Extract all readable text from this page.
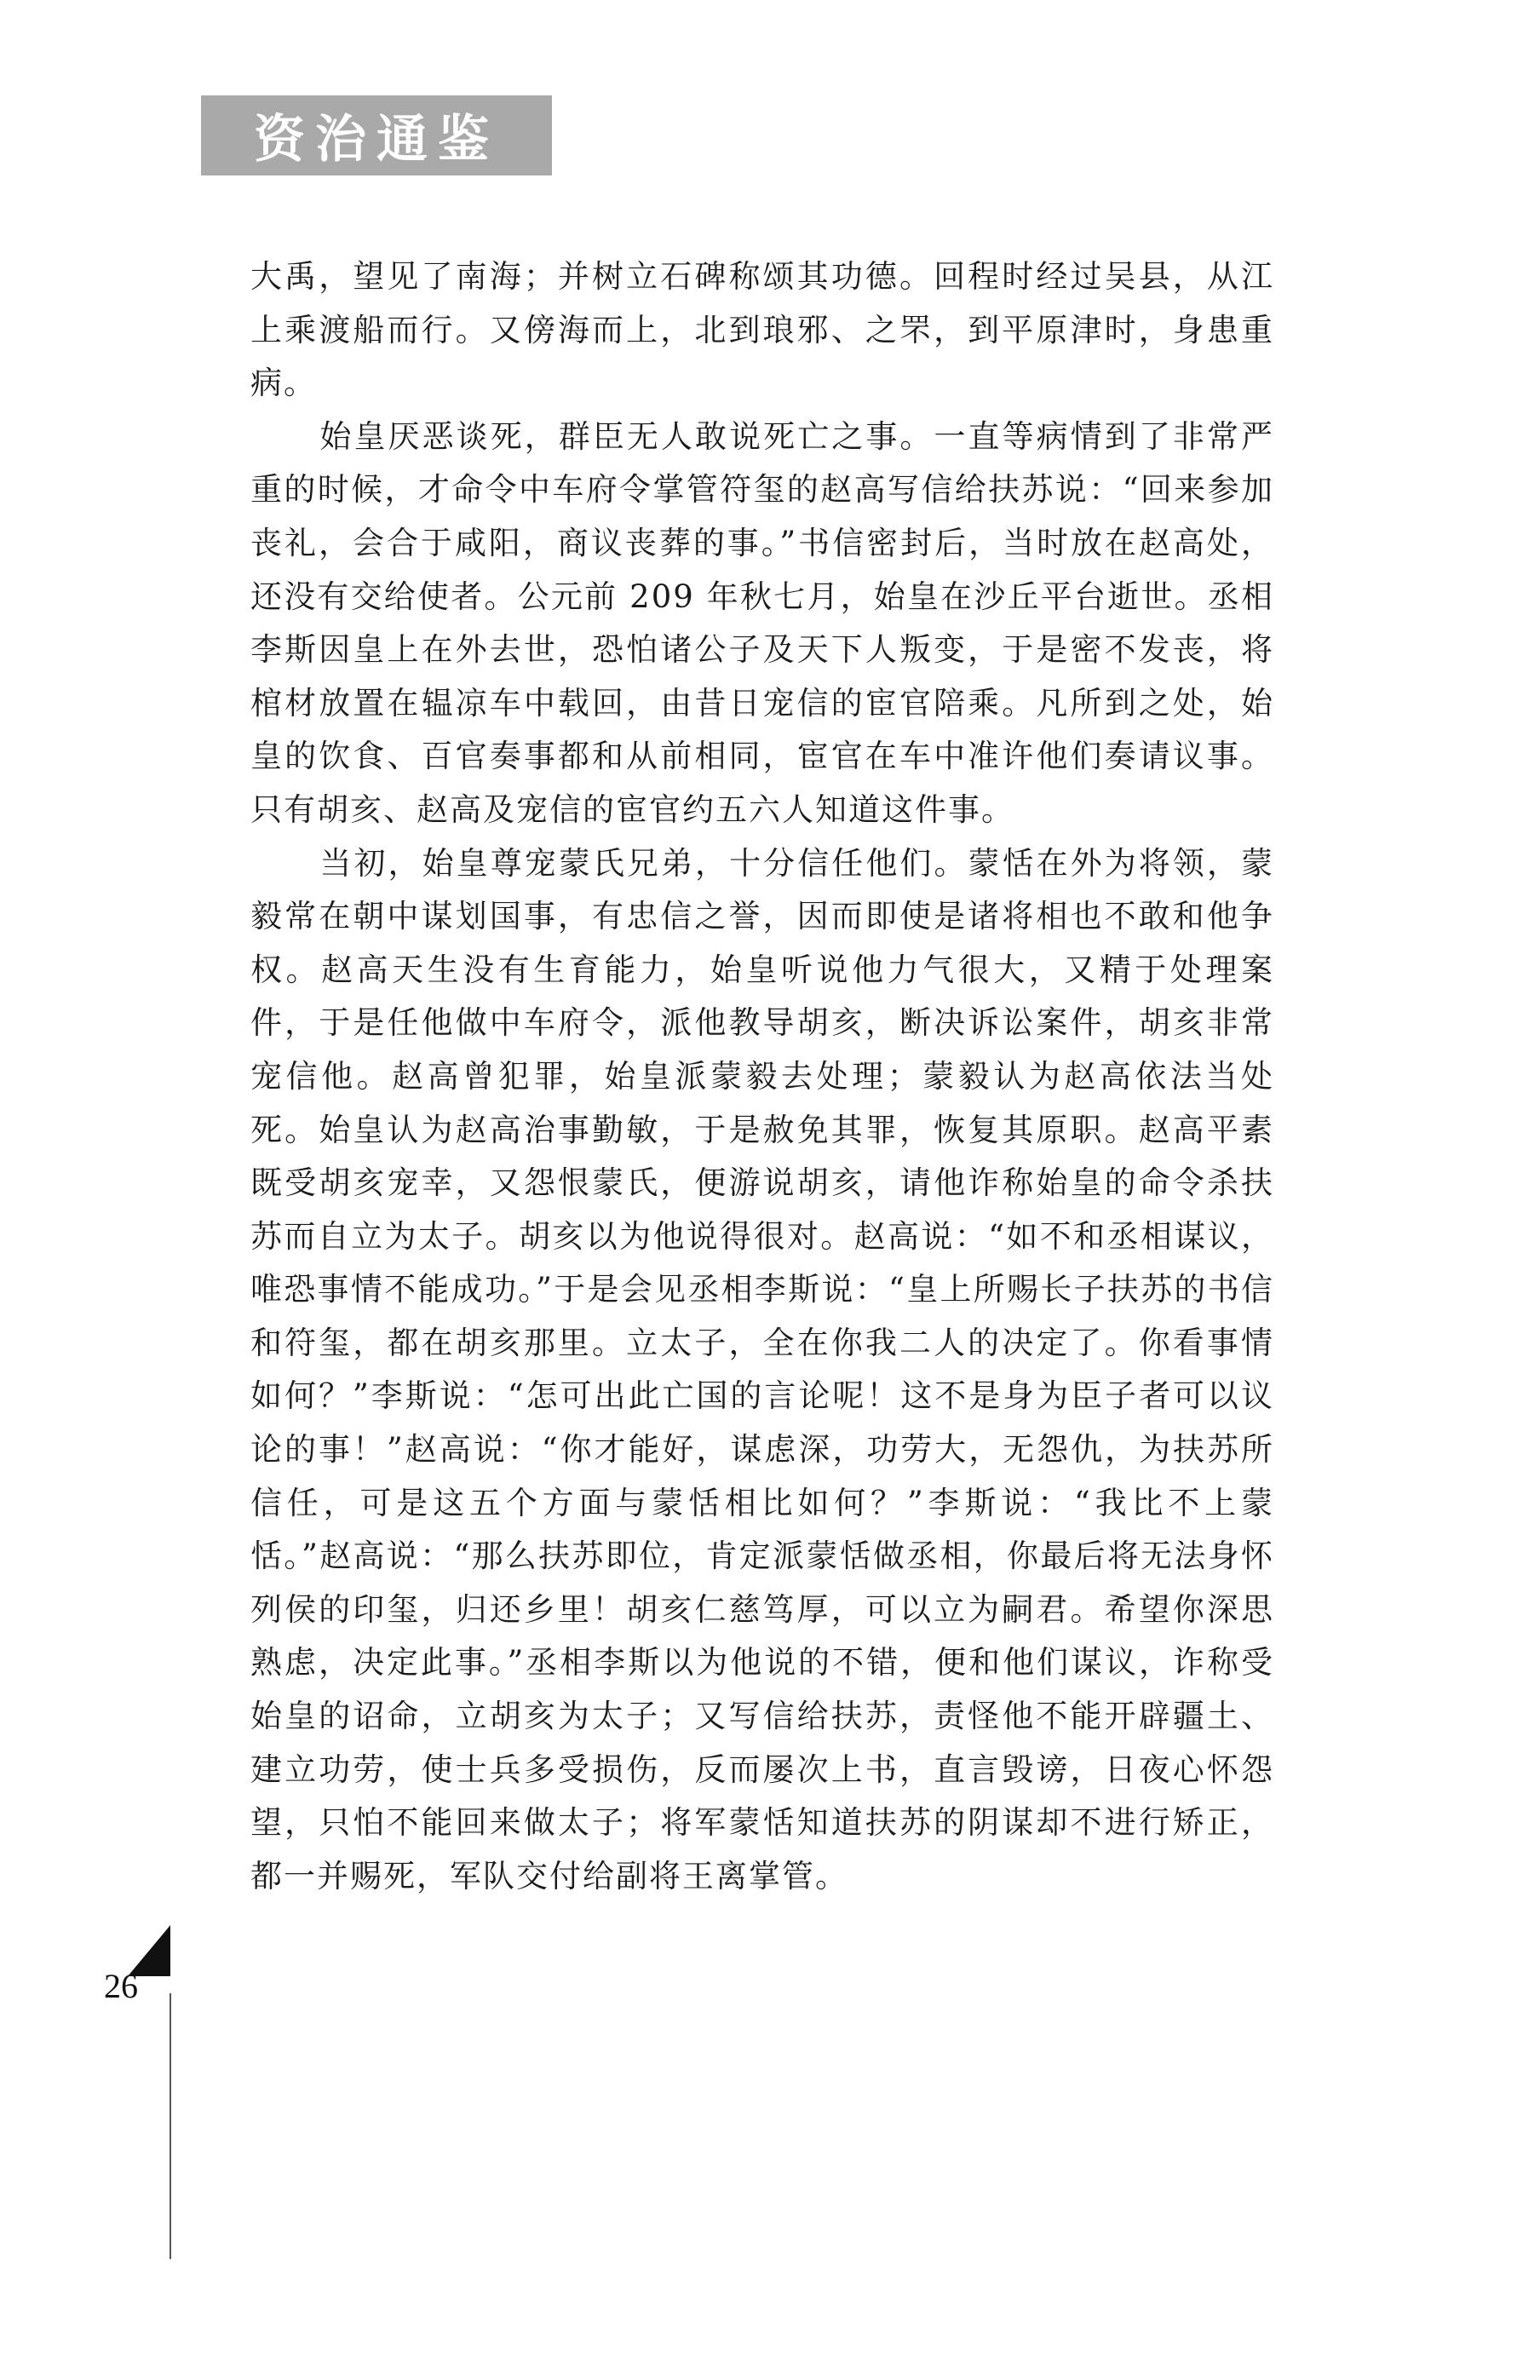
资治通鉴

大禹，望见了南海；并树立石碑称颂其功德。回程时经过吴县，从江上乘渡船而行。又傍海而上，北到琅邪、之罘，到平原津时，身患重病。

始皇厌恶谈死，群臣无人敢说死亡之事。一直等病情到了非常严重的时候，才命令中车府令掌管符玺的赵高写信给扶苏说：“回来参加丧礼，会合于咸阳，商议丧葬的事。”书信密封后，当时放在赵高处，还没有交给使者。公元前 209 年秋七月，始皇在沙丘平台逝世。丞相李斯因皇上在外去世，恐怕诸公子及天下人叛变，于是密不发丧，将棺材放置在辒凉车中载回，由昔日宠信的宦官陪乘。凡所到之处，始皇的饮食、百官奏事都和从前相同，宦官在车中准许他们奏请议事。只有胡亥、赵高及宠信的宦官约五六人知道这件事。

当初，始皇尊宠蒙氏兄弟，十分信任他们。蒙恬在外为将领，蒙毅常在朝中谋划国事，有忠信之誉，因而即使是诸将相也不敢和他争权。赵高天生没有生育能力，始皇听说他力气很大，又精于处理案件，于是任他做中车府令，派他教导胡亥，断决诉讼案件，胡亥非常宠信他。赵高曾犯罪，始皇派蒙毅去处理；蒙毅认为赵高依法当处死。始皇认为赵高治事勤敏，于是赦免其罪，恢复其原职。赵高平素既受胡亥宠幸，又怨恨蒙氏，便游说胡亥，请他诈称始皇的命令杀扶苏而自立为太子。胡亥以为他说得很对。赵高说：“如不和丞相谋议，唯恐事情不能成功。”于是会见丞相李斯说：“皇上所赐长子扶苏的书信和符玺，都在胡亥那里。立太子，全在你我二人的决定了。你看事情如何？”李斯说：“怎可出此亡国的言论呢！这不是身为臣子者可以议论的事！”赵高说：“你才能好，谋虑深，功劳大，无怨仇，为扶苏所信任，可是这五个方面与蒙恬相比如何？”李斯说：“我比不上蒙恬。”赵高说：“那么扶苏即位，肯定派蒙恬做丞相，你最后将无法身怀列侯的印玺，归还乡里！胡亥仁慈笃厚，可以立为嗣君。希望你深思熟虑，决定此事。”丞相李斯以为他说的不错，便和他们谋议，诈称受始皇的诏命，立胡亥为太子；又写信给扶苏，责怪他不能开辟疆土、建立功劳，使士兵多受损伤，反而屡次上书，直言毁谤，日夜心怀怨望，只怕不能回来做太子；将军蒙恬知道扶苏的阴谋却不进行矫正，都一并赐死，军队交付给副将王离掌管。

26
